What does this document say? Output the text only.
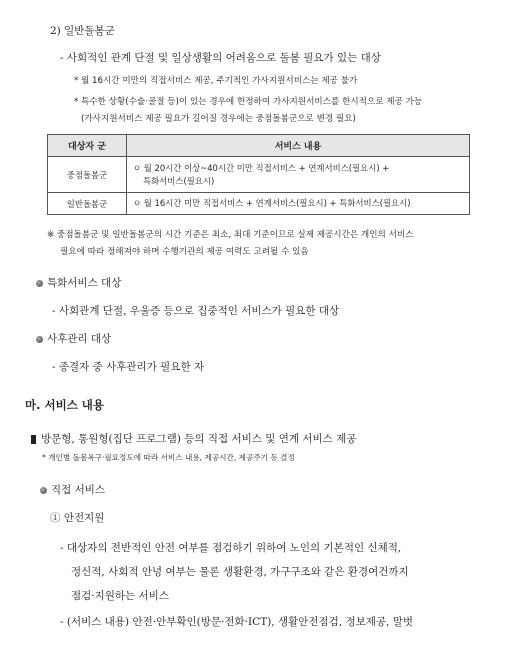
2) 일반돌봄군
- 사회적인 관계 단절 및 일상생활의 어려움으로 돌봄 필요가 있는 대상
* 월 16시간 미만의 직접서비스 제공, 주기적인 가사지원서비스는 제공 불가
* 특수한 상황(수술·골절 등)이 있는 경우에 한정하여 가사지원서비스를 한시적으로 제공 가능
(가사지원서비스 제공 필요가 길어질 경우에는 중점돌봄군으로 변경 필요)
대상자 군	서비스 내용
중점돌봄군	ㅇ 월 20시간 이상~40시간 미만 직접서비스 + 연계서비스(필요시) +
특화서비스(필요시)

일반돌봄군	ㅇ 월 16시간 미만 직접서비스 + 연계서비스(필요시) + 특화서비스(필요시)
※ 중점돌봄군 및 일반돌봄군의 시간 기준은 최소, 최대 기준이므로 실제 제공시간은 개인의 서비스
필요에 따라 정해져야 하며 수행기관의 제공 여력도 고려될 수 있음
특화서비스 대상
- 사회관계 단절, 우울증 등으로 집중적인 서비스가 필요한 대상
사후관리 대상
- 종결자 중 사후관리가 필요한 자
마. 서비스 내용
방문형, 통원형(집단 프로그램) 등의 직접 서비스 및 연계 서비스 제공
* 개인별 돌봄욕구·필요정도에 따라 서비스 내용, 제공시간, 제공주기 등 결정
직접 서비스
① 안전지원
- 대상자의 전반적인 안전 여부를 점검하기 위하여 노인의 기본적인 신체적,
정신적, 사회적 안녕 여부는 물론 생활환경, 가구구조와 같은 환경여건까지
점검·지원하는 서비스
- (서비스 내용) 안전·안부확인(방문·전화·ICT), 생활안전점검, 정보제공, 말벗
